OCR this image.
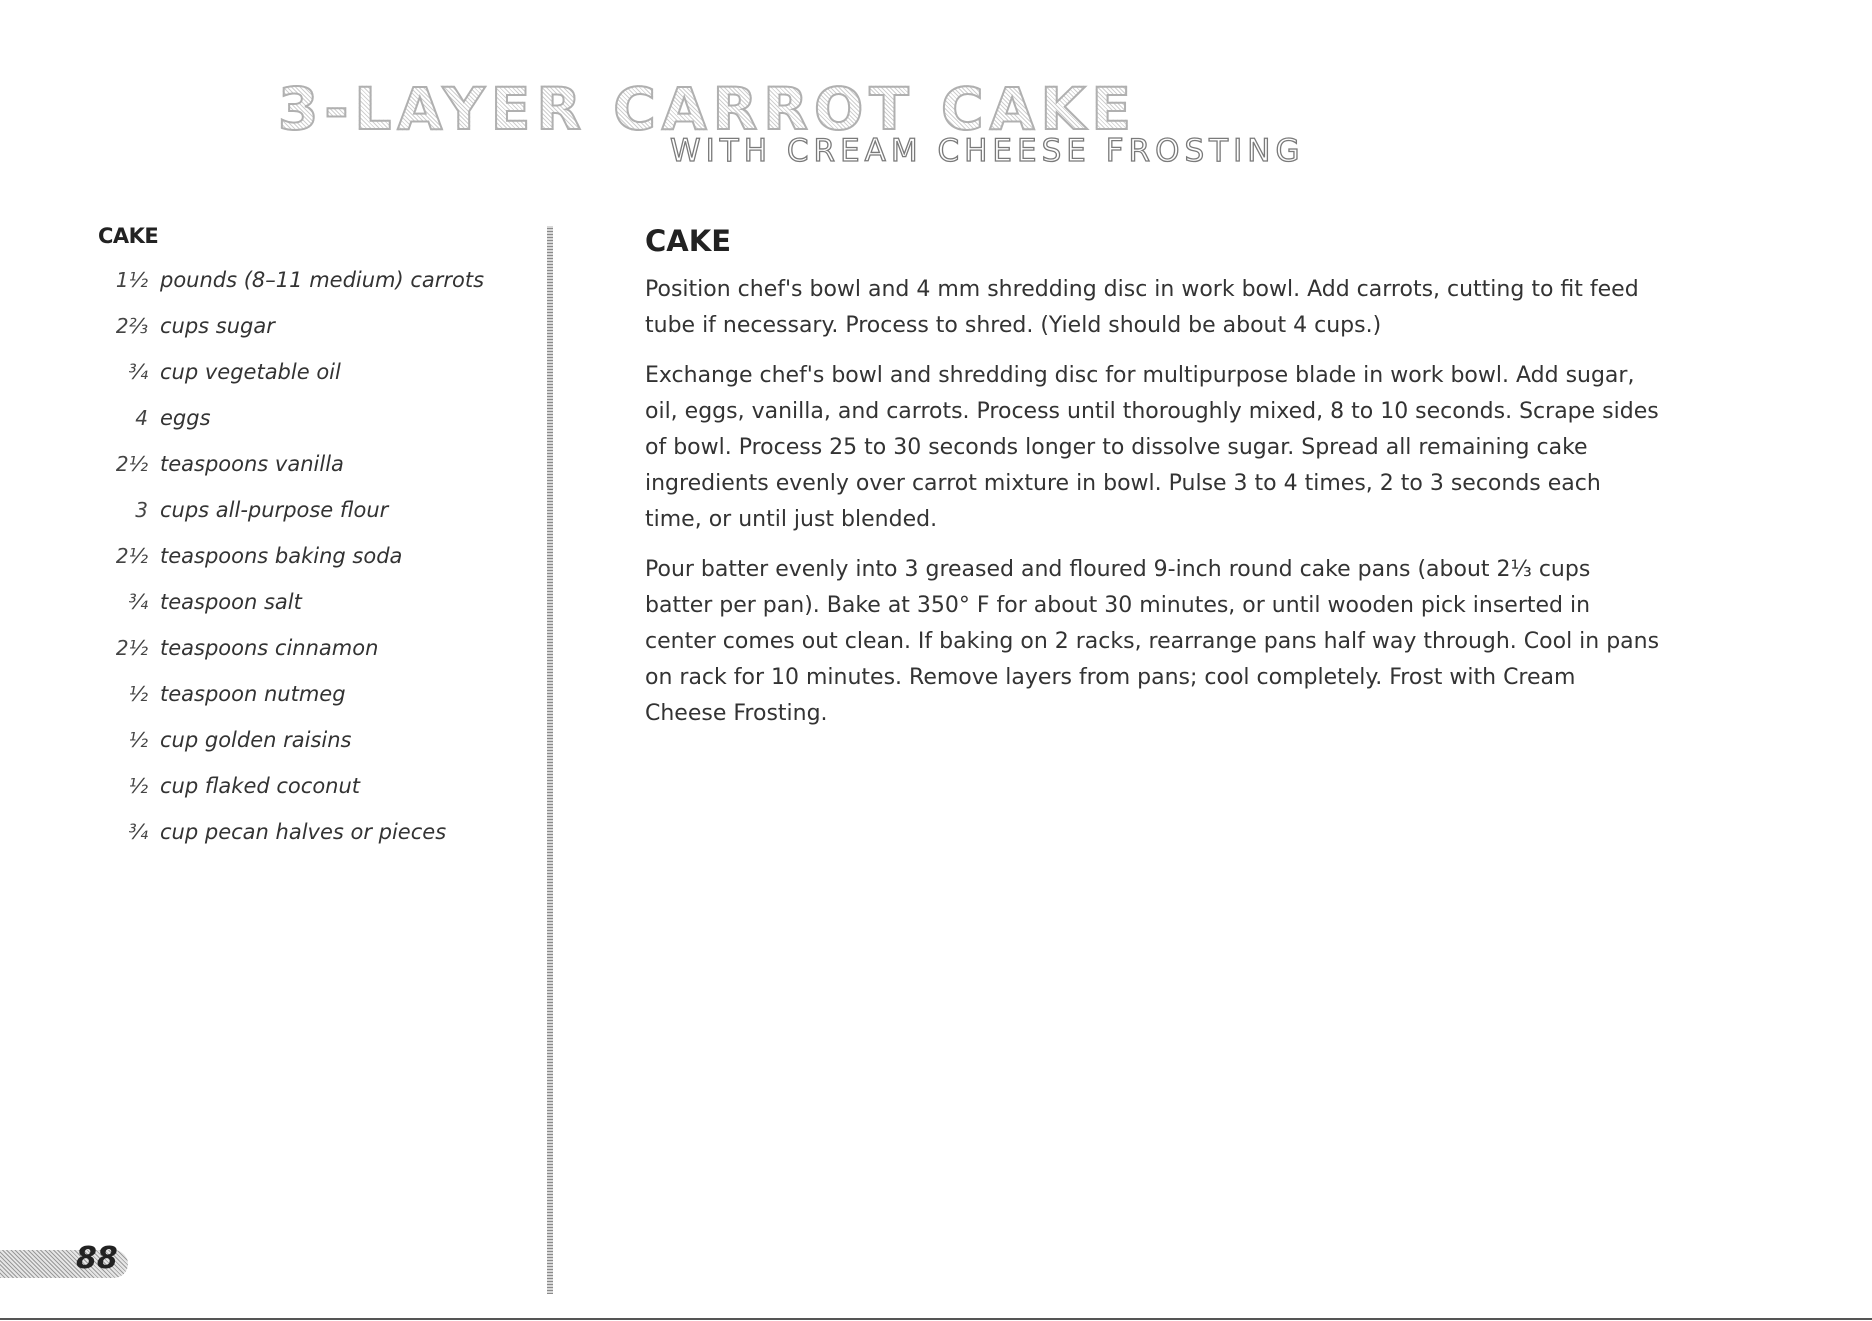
3-LAYER CARROT CAKE
WITH CREAM CHEESE FROSTING
CAKE
1½ pounds (8–11 medium) carrots
2⅔ cups sugar
¾ cup vegetable oil
4 eggs
2½ teaspoons vanilla
3 cups all-purpose flour
2½ teaspoons baking soda
¾ teaspoon salt
2½ teaspoons cinnamon
½ teaspoon nutmeg
½ cup golden raisins
½ cup flaked coconut
¾ cup pecan halves or pieces
CAKE

Position chef's bowl and 4 mm shredding disc in work bowl. Add carrots, cutting to fit feed tube if necessary. Process to shred. (Yield should be about 4 cups.)

Exchange chef's bowl and shredding disc for multipurpose blade in work bowl. Add sugar, oil, eggs, vanilla, and carrots. Process until thoroughly mixed, 8 to 10 seconds. Scrape sides of bowl. Process 25 to 30 seconds longer to dissolve sugar. Spread all remaining cake ingredients evenly over carrot mixture in bowl. Pulse 3 to 4 times, 2 to 3 seconds each time, or until just blended.

Pour batter evenly into 3 greased and floured 9-inch round cake pans (about 2⅓ cups batter per pan). Bake at 350° F for about 30 minutes, or until wooden pick inserted in center comes out clean. If baking on 2 racks, rearrange pans half way through. Cool in pans on rack for 10 minutes. Remove layers from pans; cool completely. Frost with Cream Cheese Frosting.

88
